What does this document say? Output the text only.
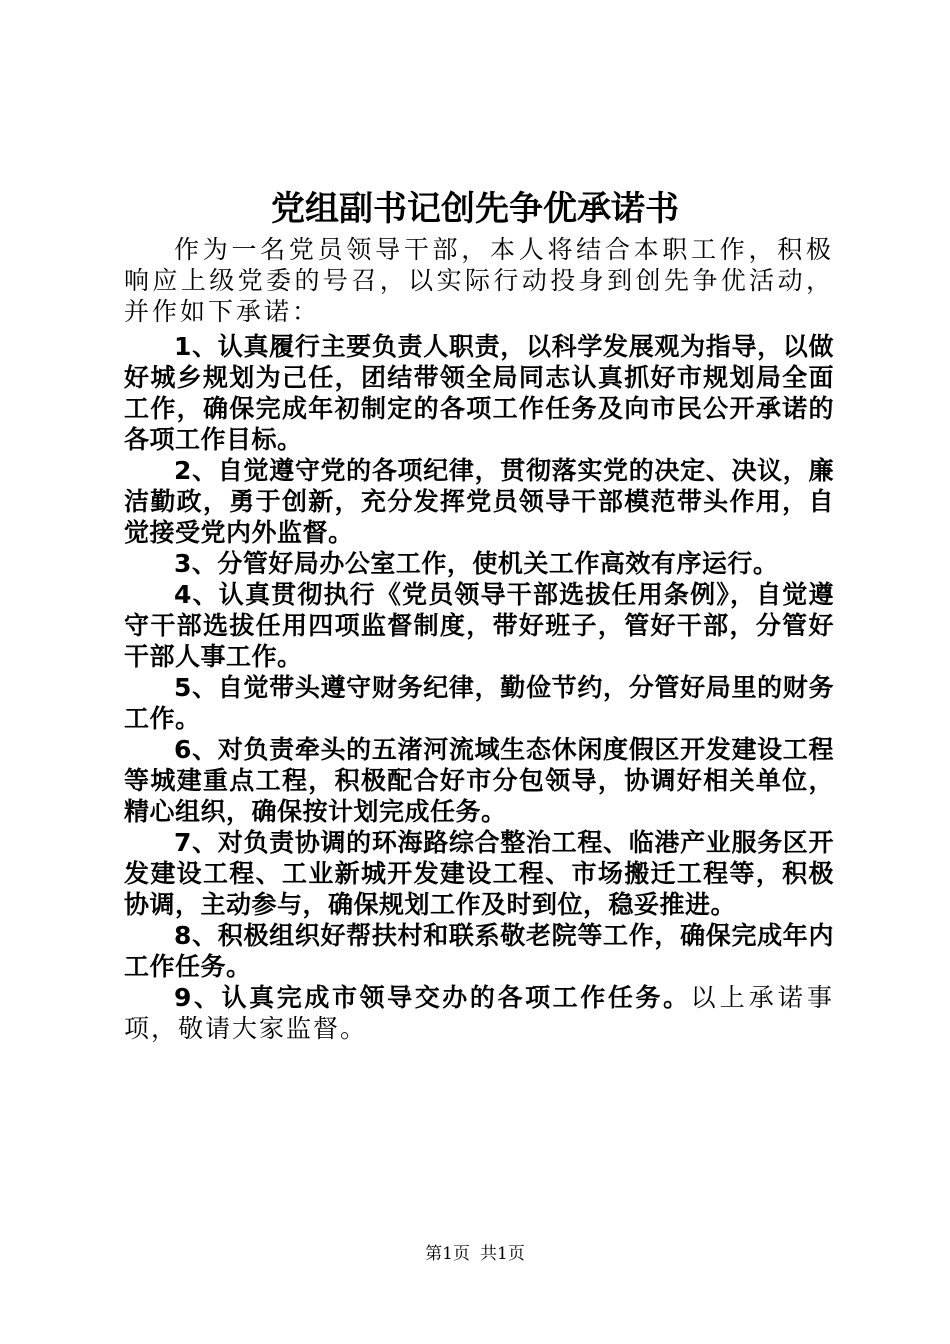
党组副书记创先争优承诺书

作为一名党员领导干部，本人将结合本职工作，积极响应上级党委的号召，以实际行动投身到创先争优活动，并作如下承诺：

1、认真履行主要负责人职责，以科学发展观为指导，以做好城乡规划为己任，团结带领全局同志认真抓好市规划局全面工作，确保完成年初制定的各项工作任务及向市民公开承诺的各项工作目标。

2、自觉遵守党的各项纪律，贯彻落实党的决定、决议，廉洁勤政，勇于创新，充分发挥党员领导干部模范带头作用，自觉接受党内外监督。

3、分管好局办公室工作，使机关工作高效有序运行。

4、认真贯彻执行《党员领导干部选拔任用条例》，自觉遵守干部选拔任用四项监督制度，带好班子，管好干部，分管好干部人事工作。

5、自觉带头遵守财务纪律，勤俭节约，分管好局里的财务工作。

6、对负责牵头的五渚河流域生态休闲度假区开发建设工程等城建重点工程，积极配合好市分包领导，协调好相关单位，精心组织，确保按计划完成任务。

7、对负责协调的环海路综合整治工程、临港产业服务区开发建设工程、工业新城开发建设工程、市场搬迁工程等，积极协调，主动参与，确保规划工作及时到位，稳妥推进。

8、积极组织好帮扶村和联系敬老院等工作，确保完成年内工作任务。

9、认真完成市领导交办的各项工作任务。以上承诺事项，敬请大家监督。

第1页 共1页
